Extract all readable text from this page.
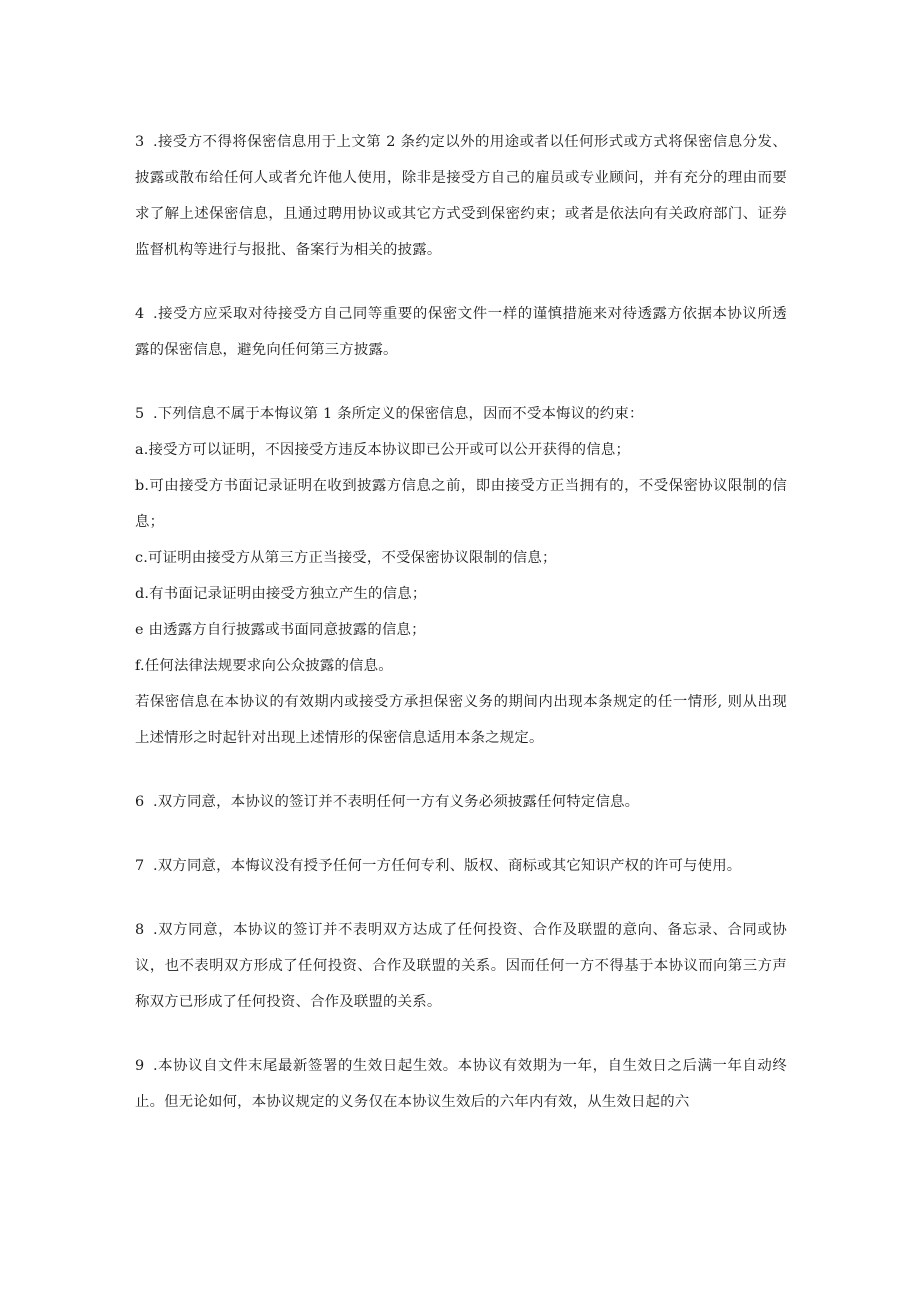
3 .接受方不得将保密信息用于上文第 2 条约定以外的用途或者以任何形式或方式将保密信息分发、
披露或散布给任何人或者允许他人使用，除非是接受方自己的雇员或专业顾问，并有充分的理由而要
求了解上述保密信息，且通过聘用协议或其它方式受到保密约束；或者是依法向有关政府部门、证券
监督机构等进行与报批、备案行为相关的披露。

4 .接受方应采取对待接受方自己同等重要的保密文件一样的谨慎措施来对待透露方依据本协议所透
露的保密信息，避免向任何第三方披露。

5 .下列信息不属于本悔议第 1 条所定义的保密信息，因而不受本悔议的约束：
a.接受方可以证明，不因接受方违反本协议即已公开或可以公开获得的信息；
b.可由接受方书面记录证明在收到披露方信息之前，即由接受方正当拥有的，不受保密协议限制的信
息；
c.可证明由接受方从第三方正当接受，不受保密协议限制的信息；
d.有书面记录证明由接受方独立产生的信息；
e 由透露方自行披露或书面同意披露的信息；
f.任何法律法规要求向公众披露的信息。
若保密信息在本协议的有效期内或接受方承担保密义务的期间内出现本条规定的任一情形, 则从出现
上述情形之时起针对出现上述情形的保密信息适用本条之规定。

6 .双方同意，本协议的签订并不表明任何一方有义务必须披露任何特定信息。

7 .双方同意，本悔议没有授予任何一方任何专利、版权、商标或其它知识产权的许可与使用。

8 .双方同意，本协议的签订并不表明双方达成了任何投资、合作及联盟的意向、备忘录、合同或协
议，也不表明双方形成了任何投资、合作及联盟的关系。因而任何一方不得基于本协议而向第三方声
称双方已形成了任何投资、合作及联盟的关系。

9 .本协议自文件末尾最新签署的生效日起生效。本协议有效期为一年，自生效日之后满一年自动终
止。但无论如何，本协议规定的义务仅在本协议生效后的六年内有效，从生效日起的六
